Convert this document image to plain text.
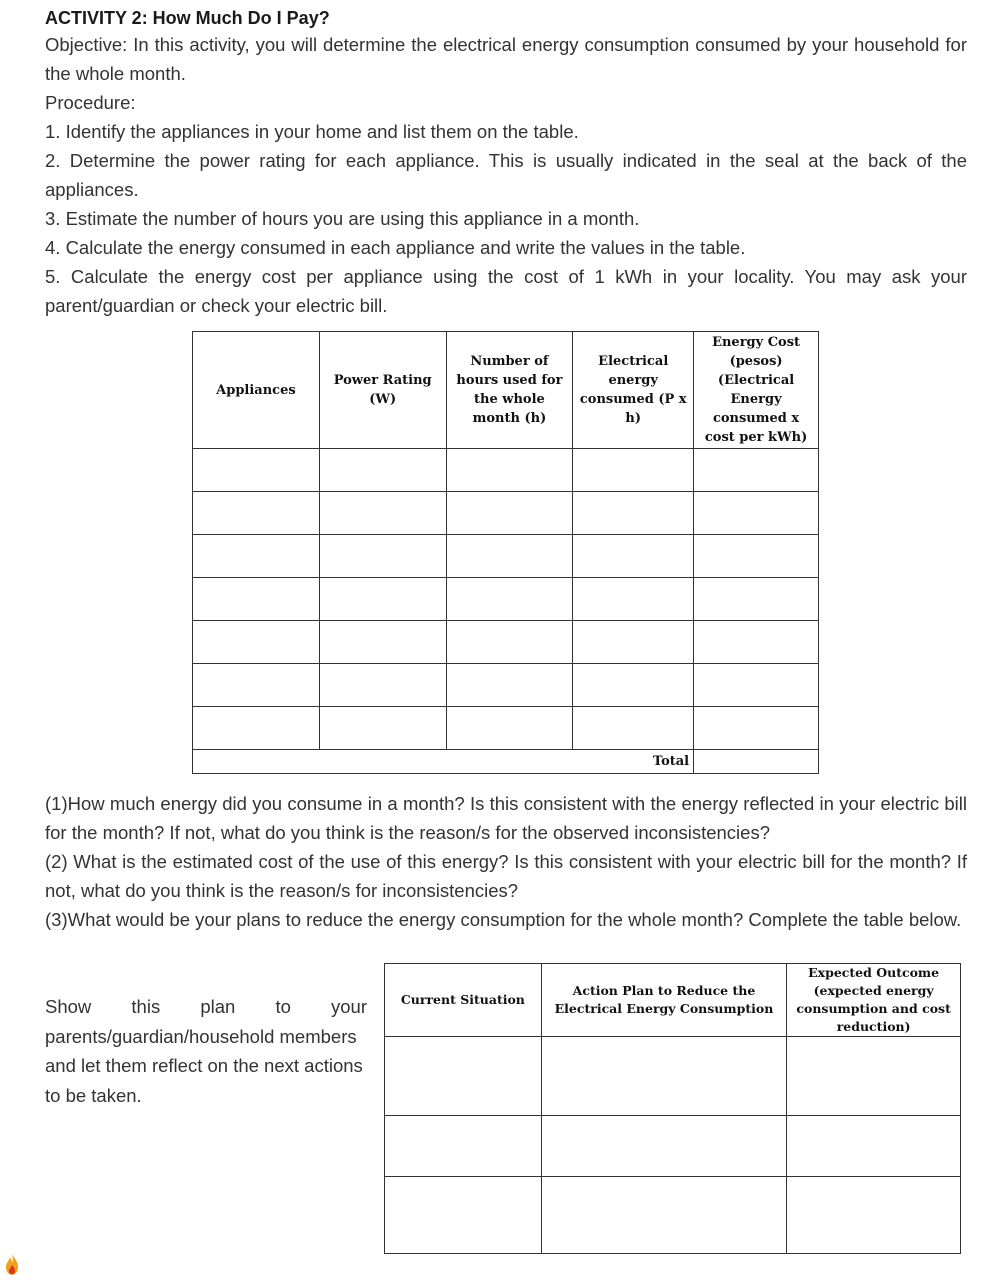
ACTIVITY 2: How Much Do I Pay?

Objective: In this activity, you will determine the electrical energy consumption consumed by your household for the whole month.

Procedure:

1. Identify the appliances in your home and list them on the table.

2. Determine the power rating for each appliance. This is usually indicated in the seal at the back of the appliances.

3. Estimate the number of hours you are using this appliance in a month.

4. Calculate the energy consumed in each appliance and write the values in the table.

5. Calculate the energy cost per appliance using the cost of 1 kWh in your locality. You may ask your parent/guardian or check your electric bill.

Appliances	Power Rating (W)	Number of hours used for the whole month (h)	Electrical energy consumed (P x h)	Energy Cost (pesos) (Electrical Energy consumed x cost per kWh)

Total				

(1)How much energy did you consume in a month? Is this consistent with the energy reflected in your electric bill for the month? If not, what do you think is the reason/s for the observed inconsistencies?

(2) What is the estimated cost of the use of this energy? Is this consistent with your electric bill for the month? If not, what do you think is the reason/s for inconsistencies?

(3)What would be your plans to reduce the energy consumption for the whole month? Complete the table below.

Show this plan to your
parents/guardian/household members and let them reflect on the next actions to be taken.
Current Situation	Action Plan to Reduce the Electrical Energy Consumption	Expected Outcome (expected energy consumption and cost reduction)
